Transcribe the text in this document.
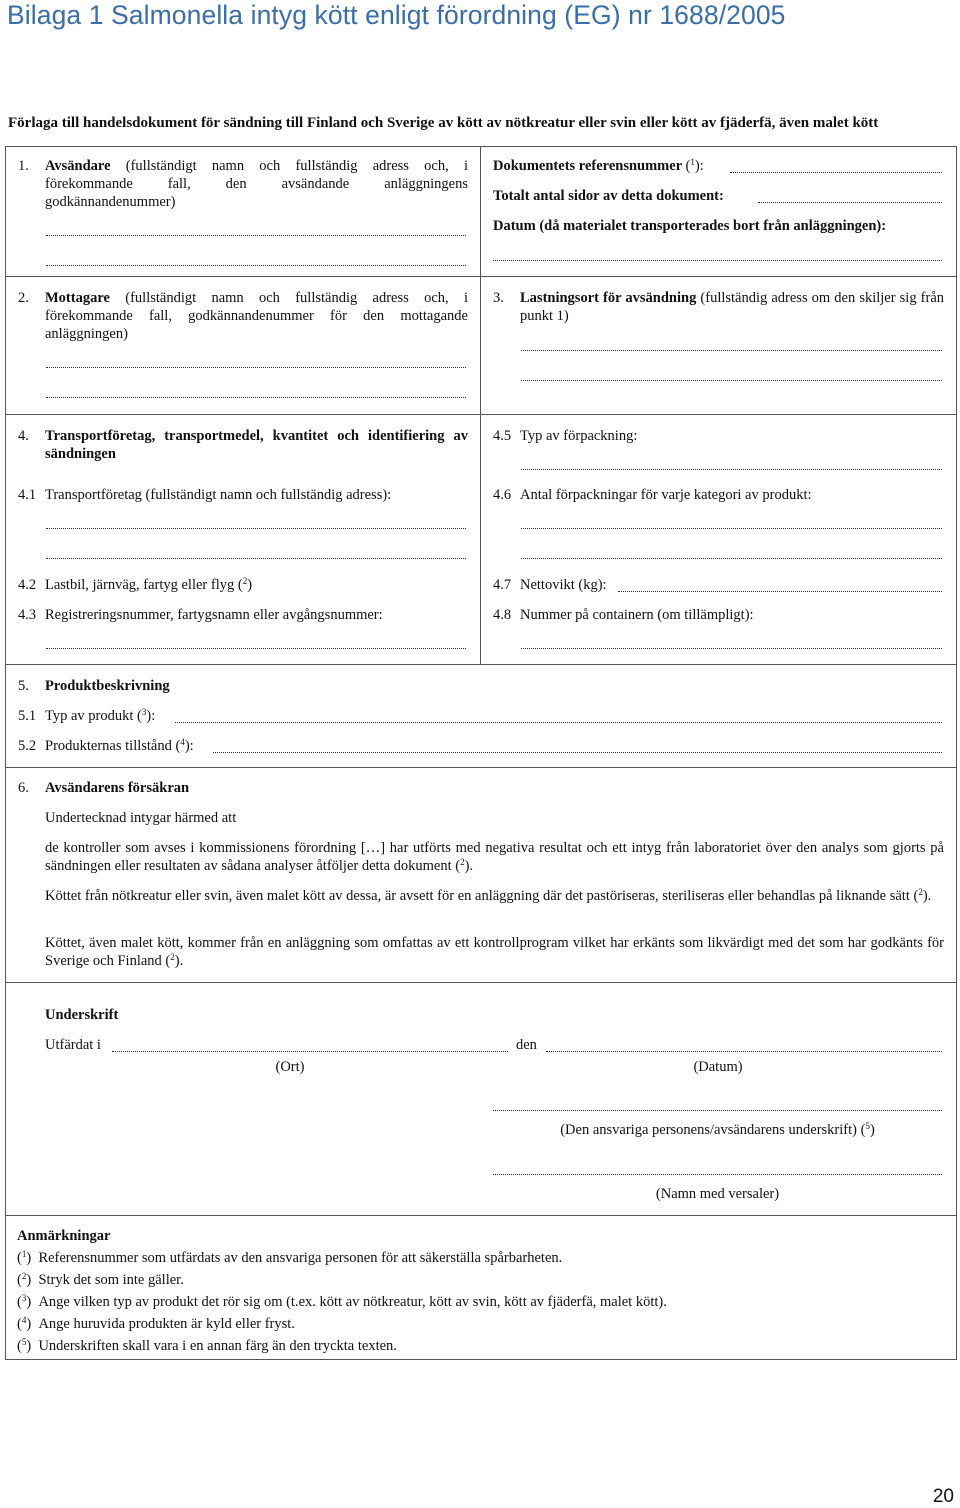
Bilaga 1 Salmonella intyg kött enligt förordning (EG) nr 1688/2005
Förlaga till handelsdokument för sändning till Finland och Sverige av kött av nötkreatur eller svin eller kött av fjäderfä, även malet kött
1. Avsändare (fullständigt namn och fullständig adress och, i förekommande fall, den avsändande anläggningens godkännandenummer)
Dokumentets referensnummer ($^1$):
Totalt antal sidor av detta dokument:
Datum (då materialet transporterades bort från anläggningen):
2. Mottagare (fullständigt namn och fullständig adress och, i förekommande fall, godkännandenummer för den mottagande anläggningen)
3. Lastningsort för avsändning (fullständig adress om den skiljer sig från punkt 1)
4. Transportföretag, transportmedel, kvantitet och identifiering av sändningen
4.1 Transportföretag (fullständigt namn och fullständig adress):
4.2 Lastbil, järnväg, fartyg eller flyg ($^2$)
4.3 Registreringsnummer, fartygsnamn eller avgångsnummer:
4.5 Typ av förpackning:
4.6 Antal förpackningar för varje kategori av produkt:
4.7 Nettovikt (kg):
4.8 Nummer på containern (om tillämpligt):
5. Produktbeskrivning
5.1 Typ av produkt ($^3$):
5.2 Produkternas tillstånd ($^4$):
6. Avsändarens försäkran
Undertecknad intygar härmed att
de kontroller som avses i kommissionens förordning […] har utförts med negativa resultat och ett intyg från laboratoriet över den analys som gjorts på sändningen eller resultaten av sådana analyser åtföljer detta dokument ($^2$).
Köttet från nötkreatur eller svin, även malet kött av dessa, är avsett för en anläggning där det pastöriseras, steriliseras eller behandlas på liknande sätt ($^2$).
Köttet, även malet kött, kommer från en anläggning som omfattas av ett kontrollprogram vilket har erkänts som likvärdigt med det som har godkänts för Sverige och Finland ($^2$).
Underskrift
Utfärdat i	den
(Ort)	(Datum)
(Den ansvariga personens/avsändarens underskrift) ($^5$)
(Namn med versaler)
Anmärkningar
($^1$)  Referensnummer som utfärdats av den ansvariga personen för att säkerställa spårbarheten.
($^2$)  Stryk det som inte gäller.
($^3$)  Ange vilken typ av produkt det rör sig om (t.ex. kött av nötkreatur, kött av svin, kött av fjäderfä, malet kött).
($^4$)  Ange huruvida produkten är kyld eller fryst.
($^5$)  Underskriften skall vara i en annan färg än den tryckta texten.
20
